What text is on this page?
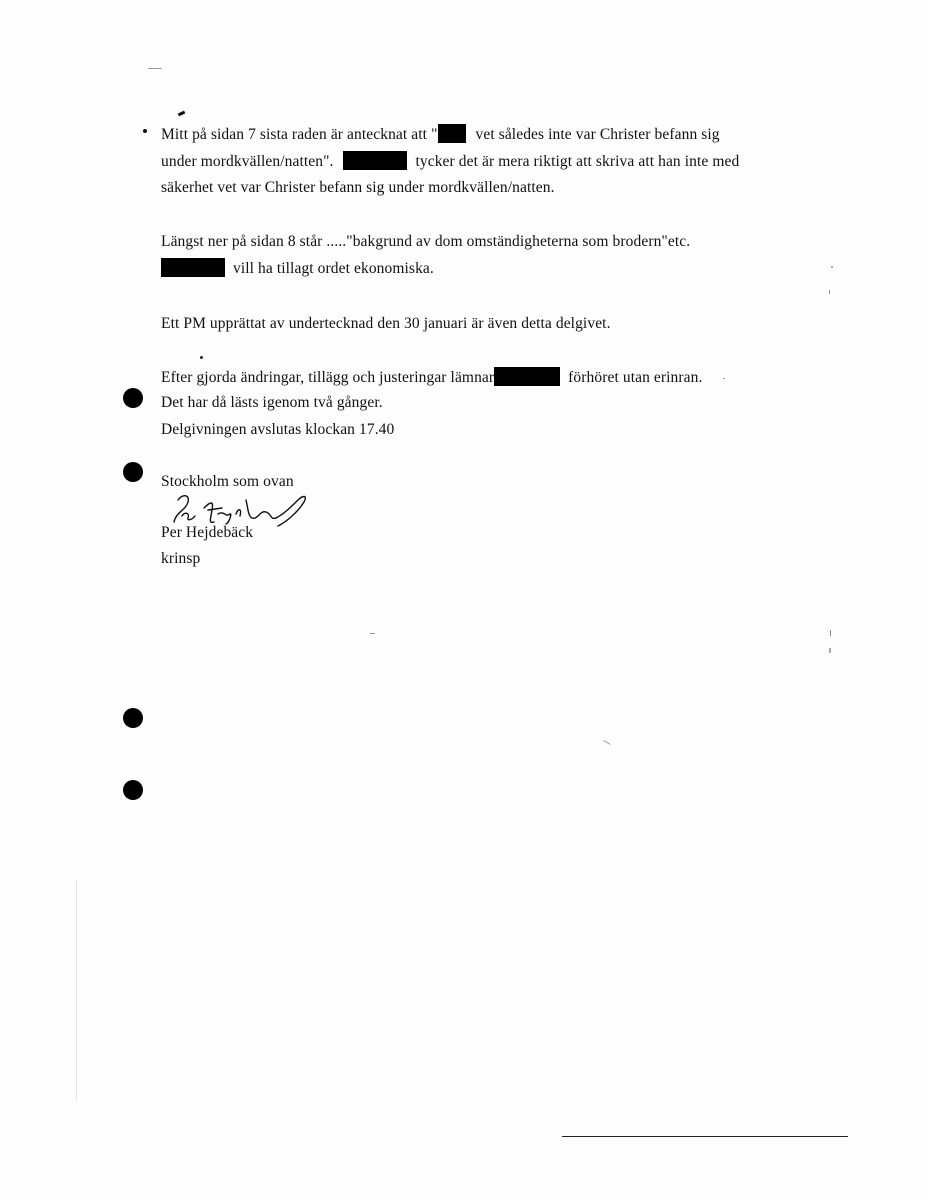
Mitt på sidan 7 sista raden är antecknat att " vet således inte var Christer befann sig
under mordkvällen/natten".	tycker det är mera riktigt att skriva att han inte med
säkerhet vet var Christer befann sig under mordkvällen/natten.
Längst ner på sidan 8 står ....."bakgrund av dom omständigheterna som brodern"etc.
vill ha tillagt ordet ekonomiska.
Ett PM upprättat av undertecknad den 30 januari är även detta delgivet.
Efter gjorda ändringar, tillägg och justeringar lämnar	förhöret utan erinran.
Det har då lästs igenom två gånger.
Delgivningen avslutas klockan 17.40
Stockholm som ovan
Per Hejdebäck
krinsp
